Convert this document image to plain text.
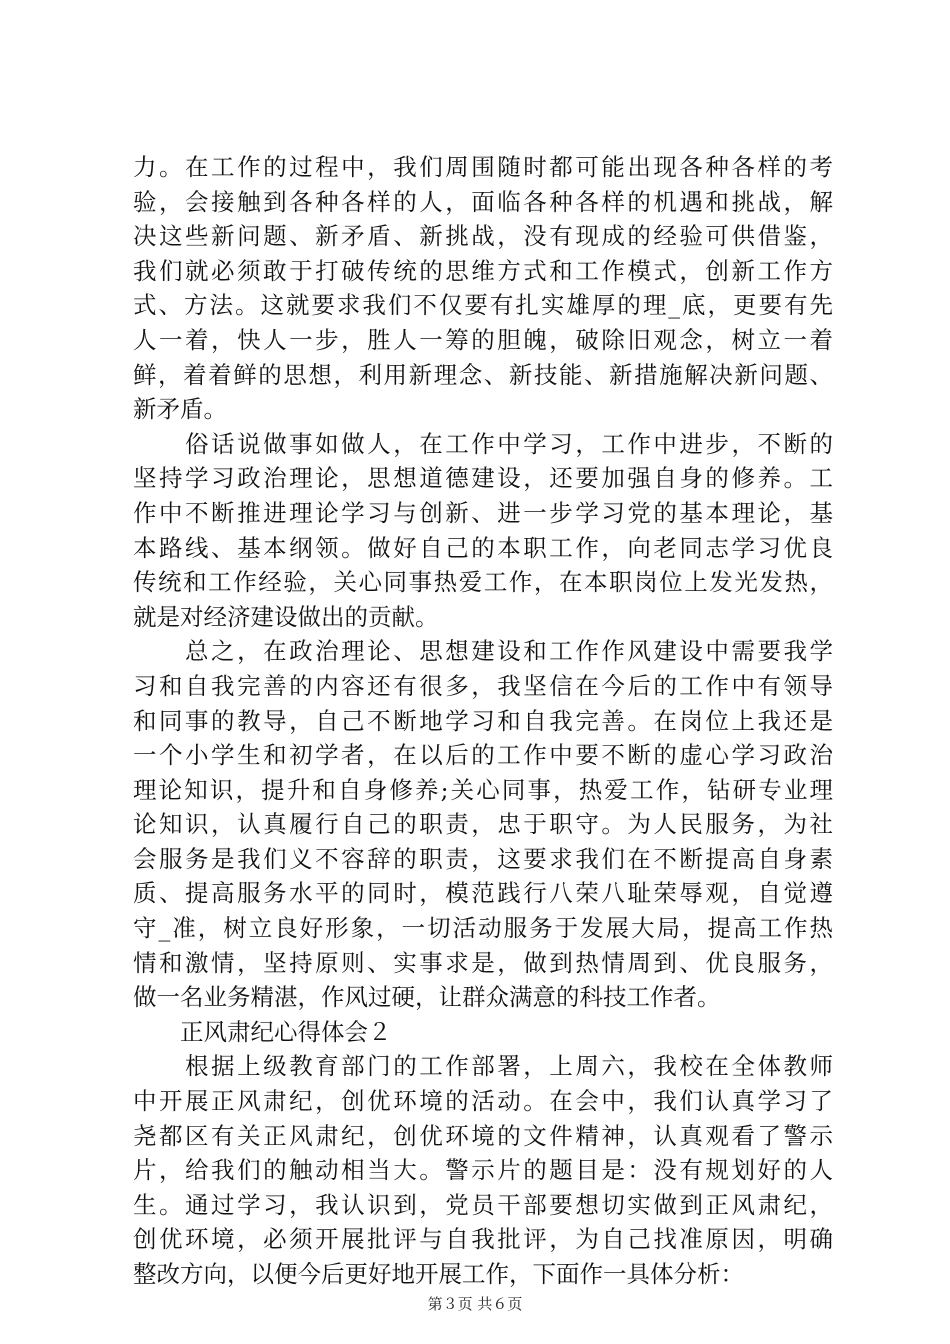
力。在工作的过程中，我们周围随时都可能出现各种各样的考
验，会接触到各种各样的人，面临各种各样的机遇和挑战，解
决这些新问题、新矛盾、新挑战，没有现成的经验可供借鉴，
我们就必须敢于打破传统的思维方式和工作模式，创新工作方
式、方法。这就要求我们不仅要有扎实雄厚的理_底，更要有先
人一着，快人一步，胜人一筹的胆魄，破除旧观念，树立一着
鲜，着着鲜的思想，利用新理念、新技能、新措施解决新问题、
新矛盾。
　　俗话说做事如做人，在工作中学习，工作中进步，不断的
坚持学习政治理论，思想道德建设，还要加强自身的修养。工
作中不断推进理论学习与创新、进一步学习党的基本理论，基
本路线、基本纲领。做好自己的本职工作，向老同志学习优良
传统和工作经验，关心同事热爱工作，在本职岗位上发光发热，
就是对经济建设做出的贡献。
　　总之，在政治理论、思想建设和工作作风建设中需要我学
习和自我完善的内容还有很多，我坚信在今后的工作中有领导
和同事的教导，自己不断地学习和自我完善。在岗位上我还是
一个小学生和初学者，在以后的工作中要不断的虚心学习政治
理论知识，提升和自身修养;关心同事，热爱工作，钻研专业理
论知识，认真履行自己的职责，忠于职守。为人民服务，为社
会服务是我们义不容辞的职责，这要求我们在不断提高自身素
质、提高服务水平的同时，模范践行八荣八耻荣辱观，自觉遵
守_准，树立良好形象，一切活动服务于发展大局，提高工作热
情和激情，坚持原则、实事求是，做到热情周到、优良服务，
做一名业务精湛，作风过硬，让群众满意的科技工作者。
　　正风肃纪心得体会２
　　根据上级教育部门的工作部署，上周六，我校在全体教师
中开展正风肃纪，创优环境的活动。在会中，我们认真学习了
尧都区有关正风肃纪，创优环境的文件精神，认真观看了警示
片，给我们的触动相当大。警示片的题目是：没有规划好的人
生。通过学习，我认识到，党员干部要想切实做到正风肃纪，
创优环境，必须开展批评与自我批评，为自己找准原因，明确
整改方向，以便今后更好地开展工作，下面作一具体分析：
第３页 共６页
